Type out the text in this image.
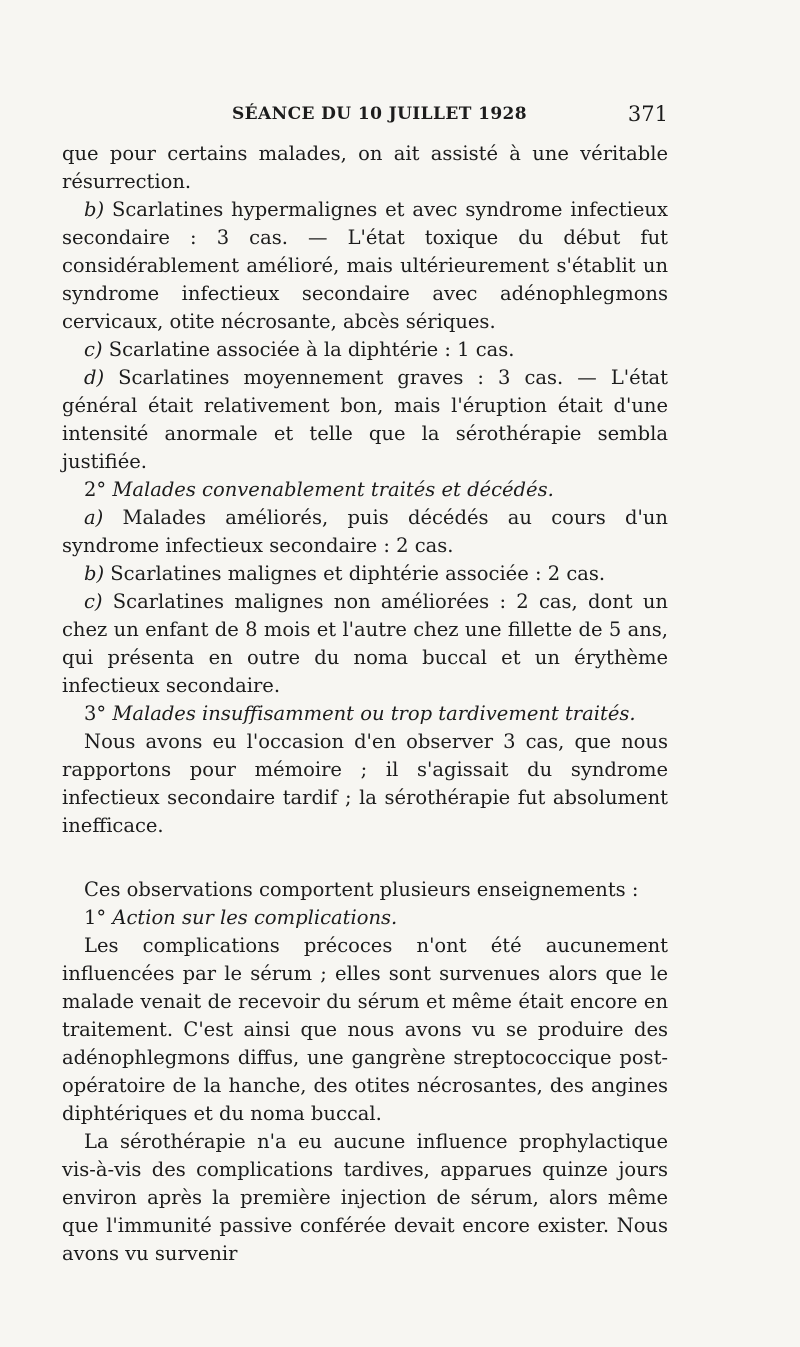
SÉANCE DU 10 JUILLET 1928	371

que pour certains malades, on ait assisté à une véritable résurrection.

b) Scarlatines hypermalignes et avec syndrome infectieux secondaire : 3 cas. — L'état toxique du début fut considérablement amélioré, mais ultérieurement s'établit un syndrome infectieux secondaire avec adénophlegmons cervicaux, otite nécrosante, abcès sériques.

c) Scarlatine associée à la diphtérie : 1 cas.

d) Scarlatines moyennement graves : 3 cas. — L'état général était relativement bon, mais l'éruption était d'une intensité anormale et telle que la sérothérapie sembla justifiée.

2° Malades convenablement traités et décédés.

a) Malades améliorés, puis décédés au cours d'un syndrome infectieux secondaire : 2 cas.

b) Scarlatines malignes et diphtérie associée : 2 cas.

c) Scarlatines malignes non améliorées : 2 cas, dont un chez un enfant de 8 mois et l'autre chez une fillette de 5 ans, qui présenta en outre du noma buccal et un érythème infectieux secondaire.

3° Malades insuffisamment ou trop tardivement traités.

Nous avons eu l'occasion d'en observer 3 cas, que nous rapportons pour mémoire ; il s'agissait du syndrome infectieux secondaire tardif ; la sérothérapie fut absolument inefficace.

Ces observations comportent plusieurs enseignements :

1° Action sur les complications.

Les complications précoces n'ont été aucunement influencées par le sérum ; elles sont survenues alors que le malade venait de recevoir du sérum et même était encore en traitement. C'est ainsi que nous avons vu se produire des adénophlegmons diffus, une gangrène streptococcique post-opératoire de la hanche, des otites nécrosantes, des angines diphtériques et du noma buccal.

La sérothérapie n'a eu aucune influence prophylactique vis-à-vis des complications tardives, apparues quinze jours environ après la première injection de sérum, alors même que l'immunité passive conférée devait encore exister. Nous avons vu survenir
